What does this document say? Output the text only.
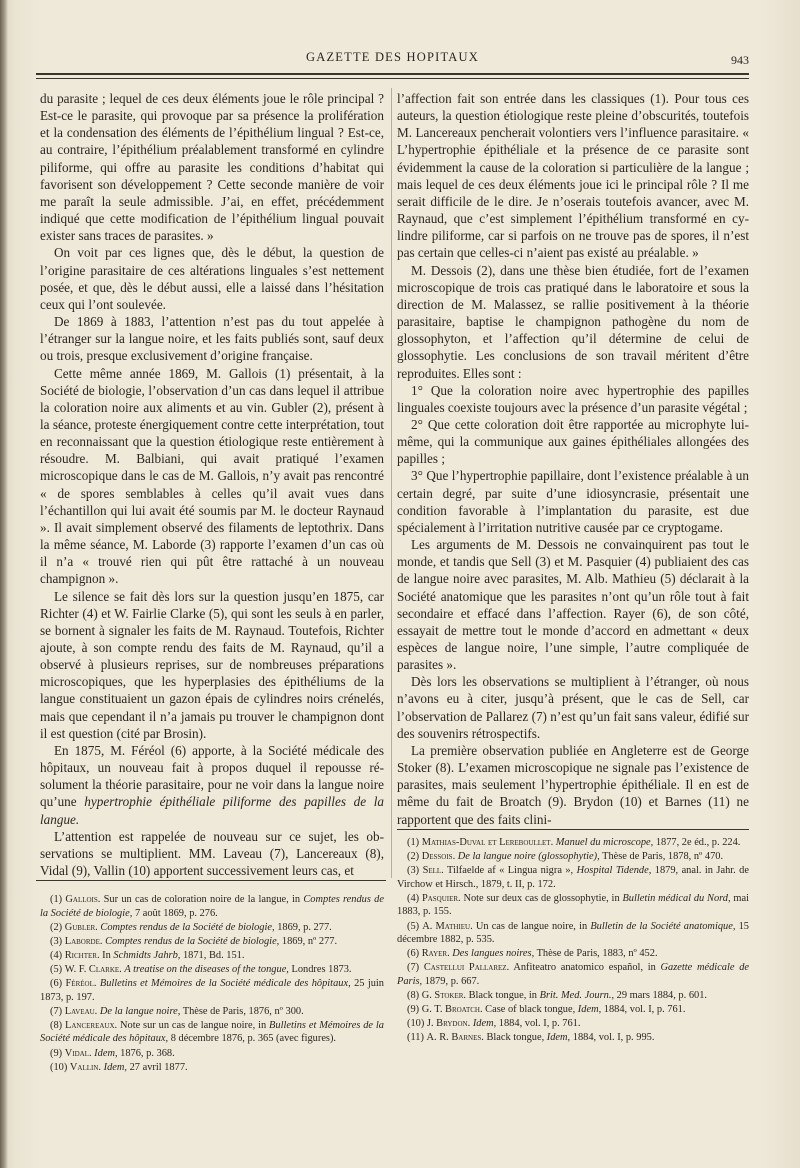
GAZETTE DES HOPITAUX	943

du parasite ; lequel de ces deux éléments joue le rôle principal ? Est-ce le parasite, qui provoque par sa présence la prolifération et la condensation des éléments de l’épithélium lingual ? Est-ce, au contraire, l’épithélium préalablement transformé en cylindre piliforme, qui offre au parasite les conditions d’habitat qui favorisent son développement ? Cette seconde manière de voir me paraît la seule admissible. J’ai, en effet, précédemment indiqué que cette modification de l’épithélium lingual pouvait exister sans traces de parasites. »

On voit par ces lignes que, dès le début, la question de l’origine parasitaire de ces altérations linguales s’est nettement posée, et que, dès le début aussi, elle a laissé dans l’hésitation ceux qui l’ont soulevée.

De 1869 à 1883, l’attention n’est pas du tout appelée à l’étranger sur la langue noire, et les faits publiés sont, sauf deux ou trois, presque exclusivement d’origine française.

Cette même année 1869, M. Gallois (1) présentait, à la Société de biologie, l’observation d’un cas dans lequel il attribue la coloration noire aux aliments et au vin. Gubler (2), présent à la séance, proteste énergiquement contre cette interprétation, tout en reconnaissant que la question étiologique reste entièrement à résoudre. M. Balbiani, qui avait pratiqué l’examen microscopique dans le cas de M. Gallois, n’y avait pas rencontré « de spores semblables à celles qu’il avait vues dans l’échantillon qui lui avait été soumis par M. le docteur Raynaud ». Il avait simplement observé des filaments de leptothrix. Dans la même séance, M. Laborde (3) rapporte l’examen d’un cas où il n’a « trouvé rien qui pût être rattaché à un nouveau champignon ».

Le silence se fait dès lors sur la question jusqu’en 1875, car Richter (4) et W. Fairlie Clarke (5), qui sont les seuls à en parler, se bornent à signaler les faits de M. Raynaud. Toutefois, Richter ajoute, à son compte rendu des faits de M. Raynaud, qu’il a observé à plusieurs reprises, sur de nombreuses préparations microscopiques, que les hyperplasies des épithéliums de la langue constituaient un gazon épais de cylindres noirs crénelés, mais que cependant il n’a jamais pu trouver le champignon dont il est question (cité par Brosin).

En 1875, M. Féréol (6) apporte, à la Société médicale des hôpitaux, un nouveau fait à propos duquel il repousse résolument la théorie parasitaire, pour ne voir dans la langue noire qu’une hypertrophie épithéliale piliforme des papilles de la langue.

L’attention est rappelée de nouveau sur ce sujet, les observations se multiplient. MM. Laveau (7), Lancereaux (8), Vidal (9), Vallin (10) apportent successivement leurs cas, et

l’affection fait son entrée dans les classiques (1). Pour tous ces auteurs, la question étiologique reste pleine d’obscurités, toutefois M. Lancereaux pencherait volontiers vers l’influence parasitaire. « L’hypertrophie épithéliale et la présence de ce parasite sont évidemment la cause de la coloration si particulière de la langue ; mais lequel de ces deux éléments joue ici le principal rôle ? Il me serait difficile de le dire. Je n’oserais toutefois avancer, avec M. Raynaud, que c’est simplement l’épithélium transformé en cylindre piliforme, car si parfois on ne trouve pas de spores, il n’est pas certain que celles-ci n’aient pas existé au préalable. »

M. Dessois (2), dans une thèse bien étudiée, fort de l’examen microscopique de trois cas pratiqué dans le laboratoire et sous la direction de M. Malassez, se rallie positivement à la théorie parasitaire, baptise le champignon pathogène du nom de glossophyton, et l’affection qu’il détermine de celui de glossophytie. Les conclusions de son travail méritent d’être reproduites. Elles sont :

1° Que la coloration noire avec hypertrophie des papilles linguales coexiste toujours avec la présence d’un parasite végétal ;

2° Que cette coloration doit être rapportée au microphyte lui-même, qui la communique aux gaines épithéliales allongées des papilles ;

3° Que l’hypertrophie papillaire, dont l’existence préalable à un certain degré, par suite d’une idiosyncrasie, présentait une condition favorable à l’implantation du parasite, est due spécialement à l’irritation nutritive causée par ce cryptogame.

Les arguments de M. Dessois ne convainquirent pas tout le monde, et tandis que Sell (3) et M. Pasquier (4) publiaient des cas de langue noire avec parasites, M. Alb. Mathieu (5) déclarait à la Société anatomique que les parasites n’ont qu’un rôle tout à fait secondaire et effacé dans l’affection. Rayer (6), de son côté, essayait de mettre tout le monde d’accord en admettant « deux espèces de langue noire, l’une simple, l’autre compliquée de parasites ».

Dès lors les observations se multiplient à l’étranger, où nous n’avons eu à citer, jusqu’à présent, que le cas de Sell, car l’observation de Pallarez (7) n’est qu’un fait sans valeur, édifié sur des souvenirs rétrospectifs.

La première observation publiée en Angleterre est de George Stoker (8). L’examen microscopique ne signale pas l’existence de parasites, mais seulement l’hypertrophie épithéliale. Il en est de même du fait de Broatch (9). Brydon (10) et Barnes (11) ne rapportent que des faits clini-

(1) Gallois. Sur un cas de coloration noire de la langue, in Comptes rendus de la Société de biologie, 7 août 1869, p. 276.
(2) Gubler. Comptes rendus de la Société de biologie, 1869, p. 277.
(3) Laborde. Comptes rendus de la Société de biologie, 1869, nº 277.
(4) Richter. In Schmidts Jahrb, 1871, Bd. 151.
(5) W. F. Clarke. A treatise on the diseases of the tongue, Londres 1873.
(6) Féréol. Bulletins et Mémoires de la Société médicale des hôpitaux, 25 juin 1873, p. 197.
(7) Laveau. De la langue noire, Thèse de Paris, 1876, nº 300.
(8) Lancereaux. Note sur un cas de langue noire, in Bulletins et Mémoires de la Société médicale des hôpitaux, 8 décembre 1876, p. 365 (avec figures).
(9) Vidal. Idem, 1876, p. 368.
(10) Vallin. Idem, 27 avril 1877.
(1) Mathias-Duval et Lereboullet. Manuel du microscope, 1877, 2e éd., p. 224.
(2) Dessois. De la langue noire (glossophytie), Thèse de Paris, 1878, nº 470.
(3) Sell. Tilfaelde af « Lingua nigra », Hospital Tidende, 1879, anal. in Jahr. de Virchow et Hirsch., 1879, t. II, p. 172.
(4) Pasquier. Note sur deux cas de glossophytie, in Bulletin médical du Nord, mai 1883, p. 155.
(5) A. Mathieu. Un cas de langue noire, in Bulletin de la Société anatomique, 15 décembre 1882, p. 535.
(6) Rayer. Des langues noires, Thèse de Paris, 1883, nº 452.
(7) Castellui Pallarez. Anfiteatro anatomico español, in Gazette médicale de Paris, 1879, p. 667.
(8) G. Stoker. Black tongue, in Brit. Med. Journ., 29 mars 1884, p. 601.
(9) G. T. Broatch. Case of black tongue, Idem, 1884, vol. I, p. 761.
(10) J. Brydon. Idem, 1884, vol. I, p. 761.
(11) A. R. Barnes. Black tongue, Idem, 1884, vol. I, p. 995.
